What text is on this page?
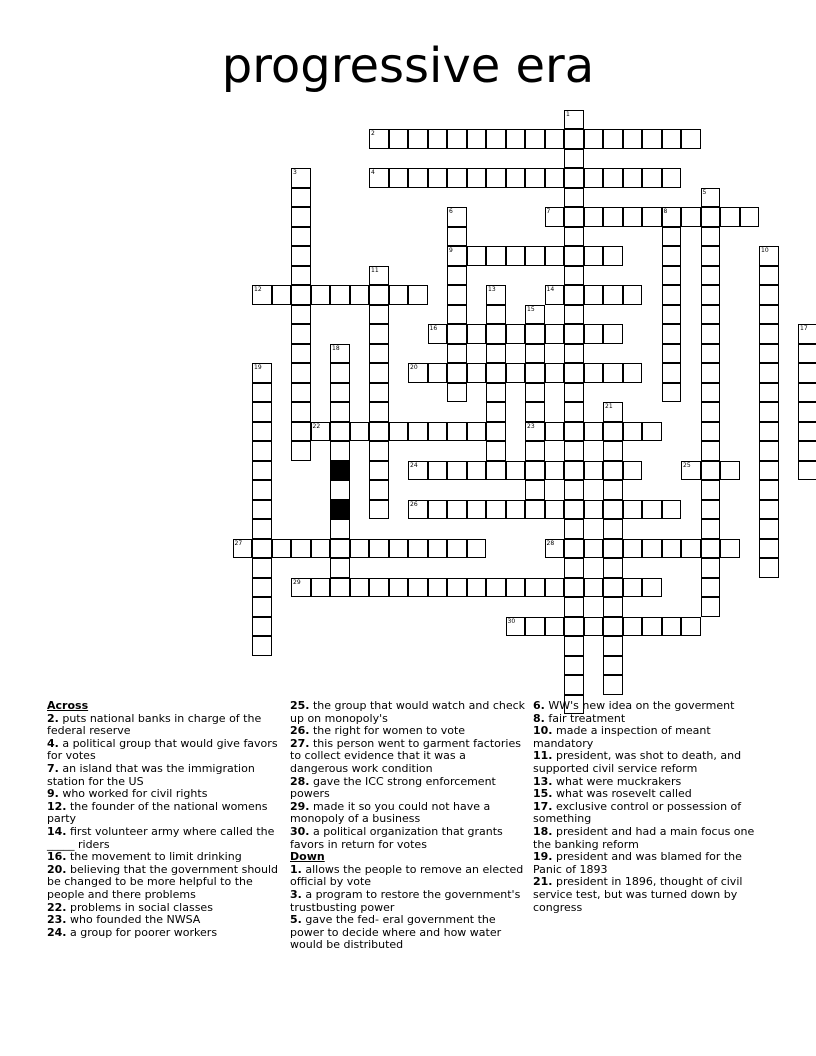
progressive era
1
2
3	4
5
6
9
7	8
10
11
12	13	14
15
23
16	17
18
19	20
21
22
24	25
26
27	28
29
30
Across
2. puts national banks in charge of the federal reserve
4. a political group that would give favors for votes
7. an island that was the immigration station for the US
9. who worked for civil rights
12. the founder of the national womens party
14. first volunteer army where called the _____ riders
16. the movement to limit drinking
20. believing that the government should be changed to be more helpful to the people and there problems
22. problems in social classes
23. who founded the NWSA
24. a group for poorer workers
25. the group that would watch and check up on monopoly's
26. the right for women to vote
27. this person went to garment factories to collect evidence that it was a dangerous work condition
28. gave the ICC strong enforcement powers
29. made it so you could not have a monopoly of a business
30. a political organization that grants favors in return for votes
Down
1. allows the people to remove an elected official by vote
3. a program to restore the government's trustbusting power
5. gave the fed- eral government the power to decide where and how water would be distributed
6. WW's new idea on the goverment
8. fair treatment
10. made a inspection of meant mandatory
11. president, was shot to death, and supported civil service reform
13. what were muckrakers
15. what was rosevelt called
17. exclusive control or possession of something
18. president and had a main focus one the banking reform
19. president and was blamed for the Panic of 1893
21. president in 1896, thought of civil service test, but was turned down by congress
